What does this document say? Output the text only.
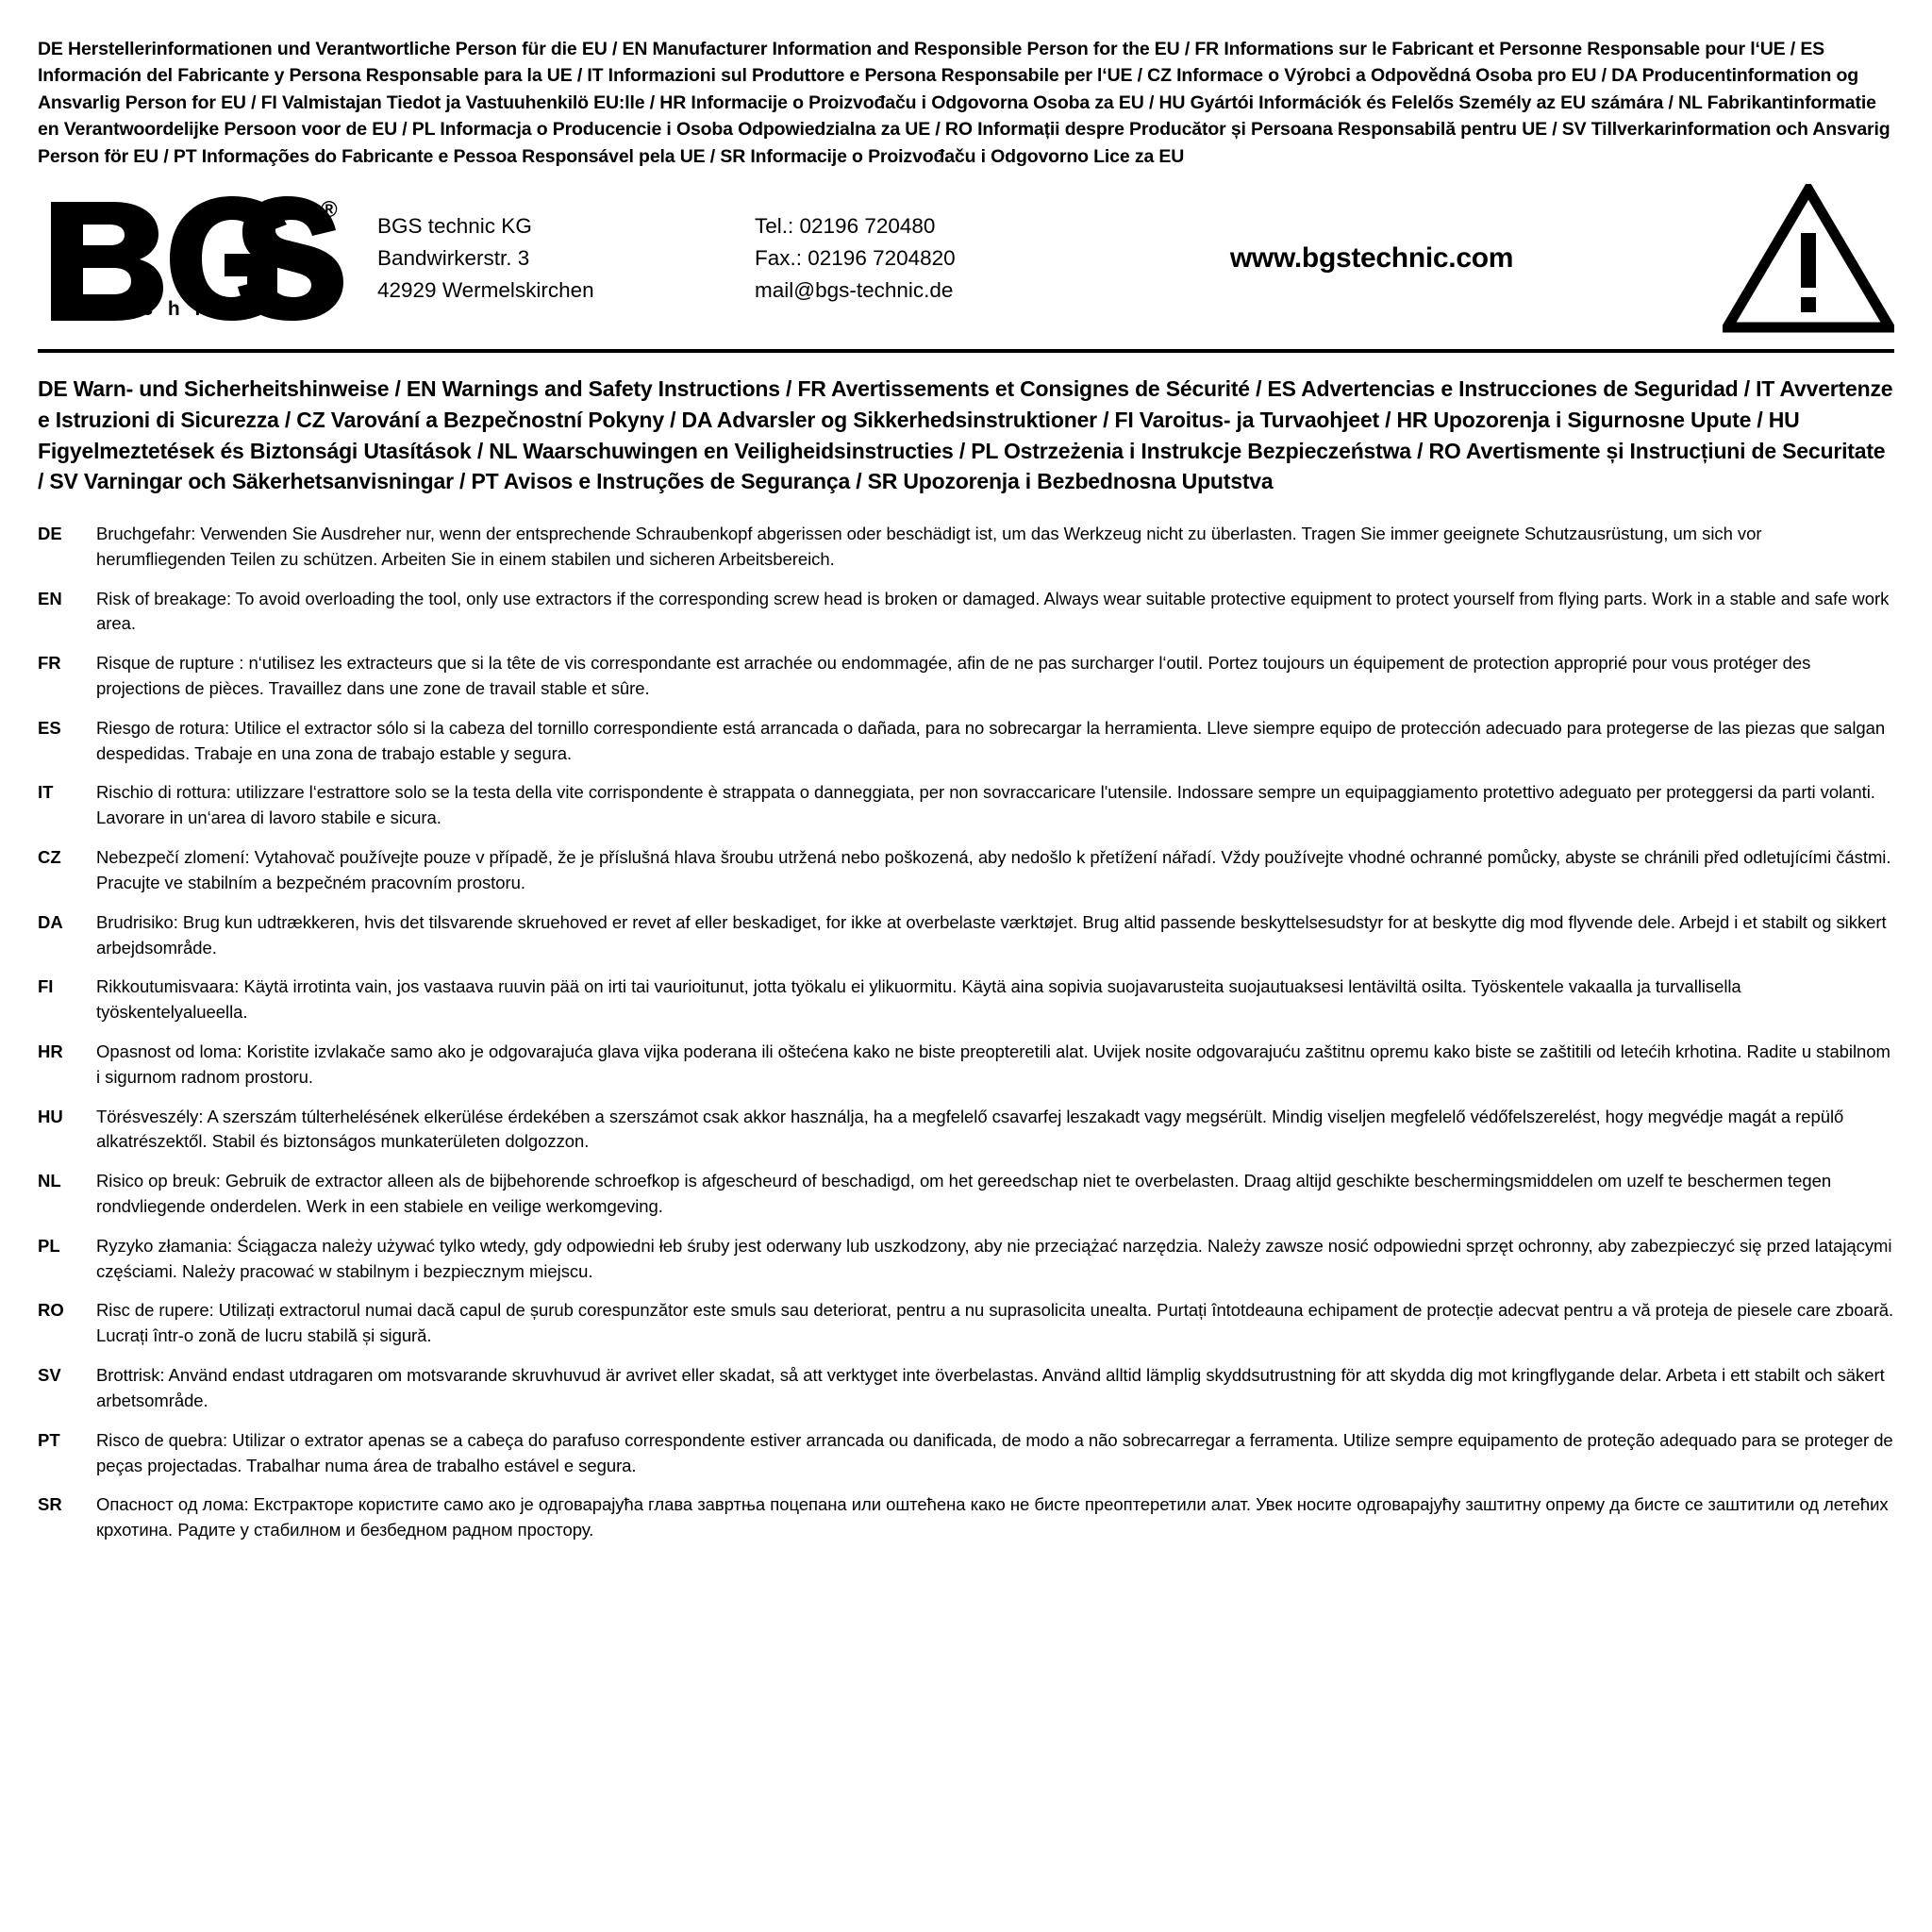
DE Herstellerinformationen und Verantwortliche Person für die EU / EN Manufacturer Information and Responsible Person for the EU / FR Informations sur le Fabricant et Personne Responsable pour l‘UE / ES Información del Fabricante y Persona Responsable para la UE / IT Informazioni sul Produttore e Persona Responsabile per l‘UE / CZ Informace o Výrobci a Odpovědná Osoba pro EU / DA Producentinformation og Ansvarlig Person for EU / FI Valmistajan Tiedot ja Vastuuhenkilö EU:lle / HR Informacije o Proizvođaču i Odgovorna Osoba za EU / HU Gyártói Információk és Felelős Személy az EU számára / NL Fabrikantinformatie en Verantwoordelijke Persoon voor de EU / PL Informacja o Producencie i Osoba Odpowiedzialna za UE / RO Informații despre Producător și Persoana Responsabilă pentru UE / SV Tillverkarinformation och Ansvarig Person för EU / PT Informações do Fabricante e Pessoa Responsável pela UE / SR Informacije o Proizvođaču i Odgovorno Lice za EU
®
t e c h n i c
BGS technic KG
Bandwirkerstr. 3
42929 Wermelskirchen
Tel.: 02196 720480
Fax.: 02196 7204820
mail@bgs-technic.de
www.bgstechnic.com
DE Warn- und Sicherheitshinweise / EN Warnings and Safety Instructions / FR Avertissements et Consignes de Sécurité / ES Advertencias e Instrucciones de Seguridad / IT Avvertenze e Istruzioni di Sicurezza / CZ Varování a Bezpečnostní Pokyny / DA Advarsler og Sikkerhedsinstruktioner / FI Varoitus- ja Turvaohjeet / HR Upozorenja i Sigurnosne Upute / HU Figyelmeztetések és Biztonsági Utasítások / NL Waarschuwingen en Veiligheidsinstructies / PL Ostrzeżenia i Instrukcje Bezpieczeństwa / RO Avertismente și Instrucțiuni de Securitate / SV Varningar och Säkerhetsanvisningar / PT Avisos e Instruções de Segurança / SR Upozorenja i Bezbednosna Uputstva
DE	Bruchgefahr: Verwenden Sie Ausdreher nur, wenn der entsprechende Schraubenkopf abgerissen oder beschädigt ist, um das Werkzeug nicht zu überlasten. Tragen Sie immer geeignete Schutzausrüstung, um sich vor herumfliegenden Teilen zu schützen. Arbeiten Sie in einem stabilen und sicheren Arbeitsbereich.
EN	Risk of breakage: To avoid overloading the tool, only use extractors if the corresponding screw head is broken or damaged. Always wear suitable protective equipment to protect yourself from flying parts. Work in a stable and safe work area.
FR	Risque de rupture : n‘utilisez les extracteurs que si la tête de vis correspondante est arrachée ou endommagée, afin de ne pas surcharger l‘outil. Portez toujours un équipement de protection approprié pour vous protéger des projections de pièces. Travaillez dans une zone de travail stable et sûre.
ES	Riesgo de rotura: Utilice el extractor sólo si la cabeza del tornillo correspondiente está arrancada o dañada, para no sobrecargar la herramienta. Lleve siempre equipo de protección adecuado para protegerse de las piezas que salgan despedidas. Trabaje en una zona de trabajo estable y segura.
IT	Rischio di rottura: utilizzare l‘estrattore solo se la testa della vite corrispondente è strappata o danneggiata, per non sovraccaricare l'utensile. Indossare sempre un equipaggiamento protettivo adeguato per proteggersi da parti volanti. Lavorare in un‘area di lavoro stabile e sicura.
CZ	Nebezpečí zlomení: Vytahovač používejte pouze v případě, že je příslušná hlava šroubu utržená nebo poškozená, aby nedošlo k přetížení nářadí. Vždy používejte vhodné ochranné pomůcky, abyste se chránili před odletujícími částmi. Pracujte ve stabilním a bezpečném pracovním prostoru.
DA	Brudrisiko: Brug kun udtrækkeren, hvis det tilsvarende skruehoved er revet af eller beskadiget, for ikke at overbelaste værktøjet. Brug altid passende beskyttelsesudstyr for at beskytte dig mod flyvende dele. Arbejd i et stabilt og sikkert arbejdsområde.
FI	Rikkoutumisvaara: Käytä irrotinta vain, jos vastaava ruuvin pää on irti tai vaurioitunut, jotta työkalu ei ylikuormitu. Käytä aina sopivia suojavarusteita suojautuaksesi lentäviltä osilta. Työskentele vakaalla ja turvallisella työskentelyalueella.
HR	Opasnost od loma: Koristite izvlakače samo ako je odgovarajuća glava vijka poderana ili oštećena kako ne biste preopteretili alat. Uvijek nosite odgovarajuću zaštitnu opremu kako biste se zaštitili od letećih krhotina. Radite u stabilnom i sigurnom radnom prostoru.
HU	Törésveszély: A szerszám túlterhelésének elkerülése érdekében a szerszámot csak akkor használja, ha a megfelelő csavarfej leszakadt vagy megsérült. Mindig viseljen megfelelő védőfelszerelést, hogy megvédje magát a repülő alkatrészektől. Stabil és biztonságos munkaterületen dolgozzon.
NL	Risico op breuk: Gebruik de extractor alleen als de bijbehorende schroefkop is afgescheurd of beschadigd, om het gereedschap niet te overbelasten. Draag altijd geschikte beschermingsmiddelen om uzelf te beschermen tegen rondvliegende onderdelen. Werk in een stabiele en veilige werkomgeving.
PL	Ryzyko złamania: Ściągacza należy używać tylko wtedy, gdy odpowiedni łeb śruby jest oderwany lub uszkodzony, aby nie przeciążać narzędzia. Należy zawsze nosić odpowiedni sprzęt ochronny, aby zabezpieczyć się przed latającymi częściami. Należy pracować w stabilnym i bezpiecznym miejscu.
RO	Risc de rupere: Utilizați extractorul numai dacă capul de șurub corespunzător este smuls sau deteriorat, pentru a nu suprasolicita unealta. Purtați întotdeauna echipament de protecție adecvat pentru a vă proteja de piesele care zboară. Lucrați într-o zonă de lucru stabilă și sigură.
SV	Brottrisk: Använd endast utdragaren om motsvarande skruvhuvud är avrivet eller skadat, så att verktyget inte överbelastas. Använd alltid lämplig skyddsutrustning för att skydda dig mot kringflygande delar. Arbeta i ett stabilt och säkert arbetsområde.
PT	Risco de quebra: Utilizar o extrator apenas se a cabeça do parafuso correspondente estiver arrancada ou danificada, de modo a não sobrecarregar a ferramenta. Utilize sempre equipamento de proteção adequado para se proteger de peças projectadas. Trabalhar numa área de trabalho estável e segura.
SR	Опасност од лома: Екстракторе користите само ако је одговарајућа глава завртња поцепана или оштећена како не бисте преоптеретили алат. Увек носите одговарајућу заштитну опрему да бисте се заштитили од летећих крхотина. Радите у стабилном и безбедном радном простору.
